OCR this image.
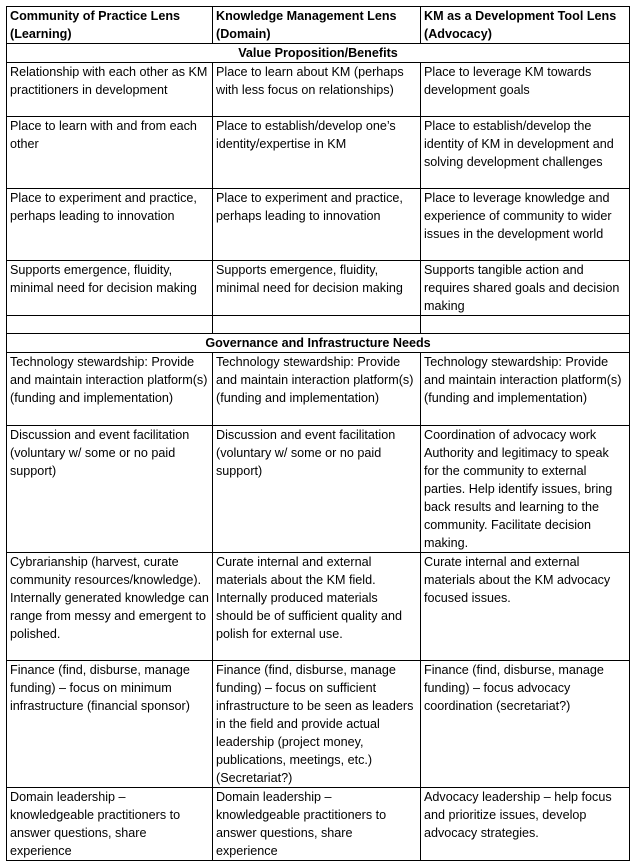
Community of Practice Lens (Learning)	Knowledge Management Lens (Domain)	KM as a Development Tool Lens (Advocacy)
Value Proposition/Benefits		
Relationship with each other as KM practitioners in development	Place to learn about KM (perhaps with less focus on relationships)	Place to leverage KM towards development goals
Place to learn with and from each other	Place to establish/develop one’s identity/expertise in KM	Place to establish/develop the identity of KM in development and solving development challenges
Place to experiment and practice, perhaps leading to innovation	Place to experiment and practice, perhaps leading to innovation	Place to leverage knowledge and experience of community to wider issues in the development world
Supports emergence, fluidity, minimal need for decision making	Supports emergence, fluidity, minimal need for decision making	Supports tangible action and requires shared goals and decision making

Governance and Infrastructure Needs		
Technology stewardship: Provide and maintain interaction platform(s) (funding and implementation)	Technology stewardship: Provide and maintain interaction platform(s) (funding and implementation)	Technology stewardship: Provide and maintain interaction platform(s) (funding and implementation)
Discussion and event facilitation (voluntary w/ some or no paid support)	Discussion and event facilitation (voluntary w/ some or no paid support)	Coordination of advocacy work Authority and legitimacy to speak for the community to external parties. Help identify issues, bring back results and learning to the community. Facilitate decision making.
Cybrarianship (harvest, curate community resources/knowledge). Internally generated knowledge can range from messy and emergent to polished.	Curate internal and external materials about the KM field. Internally produced materials should be of sufficient quality and polish for external use.	Curate internal and external materials about the KM advocacy focused issues.
Finance (find, disburse, manage funding) – focus on minimum infrastructure (financial sponsor)	Finance (find, disburse, manage funding) – focus on sufficient infrastructure to be seen as leaders in the field and provide actual leadership (project money, publications, meetings, etc.) (Secretariat?)	Finance (find, disburse, manage funding) – focus advocacy coordination (secretariat?)
Domain leadership – knowledgeable practitioners to answer questions, share experience	Domain leadership – knowledgeable practitioners to answer questions, share experience	Advocacy leadership – help focus and prioritize issues, develop advocacy strategies.
